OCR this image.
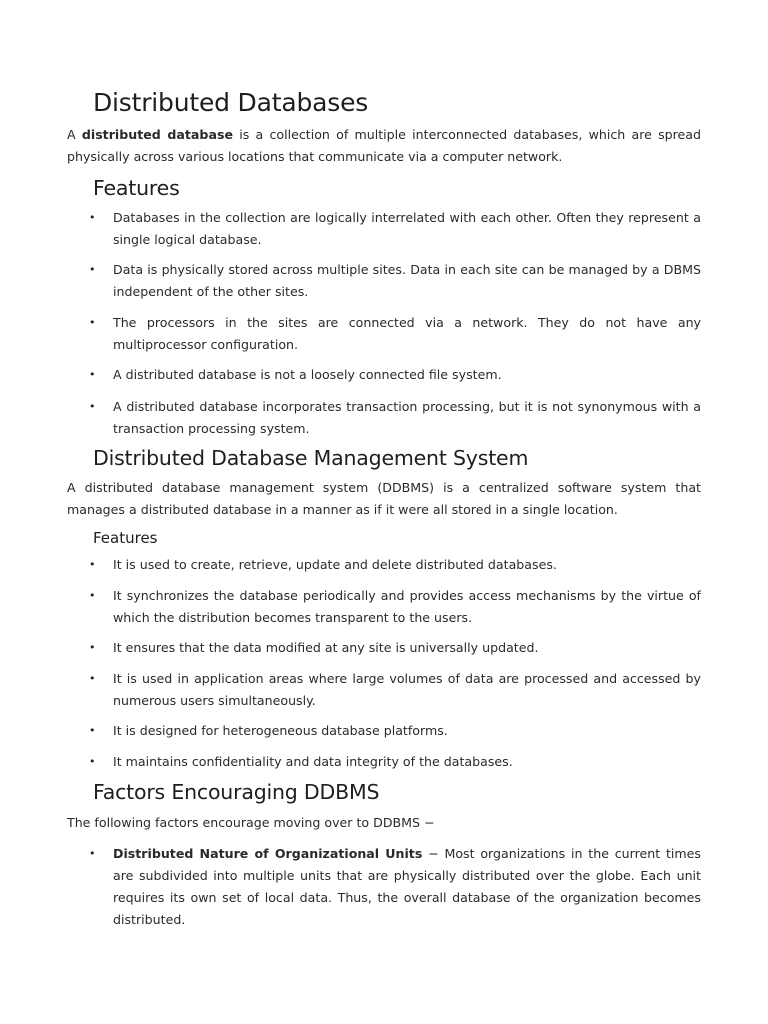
Distributed Databases

A distributed database is a collection of multiple interconnected databases, which are spread physically across various locations that communicate via a computer network.

Features
• Databases in the collection are logically interrelated with each other. Often they represent a single logical database.
• Data is physically stored across multiple sites. Data in each site can be managed by a DBMS independent of the other sites.
• The processors in the sites are connected via a network. They do not have any multiprocessor configuration.
• A distributed database is not a loosely connected file system.
• A distributed database incorporates transaction processing, but it is not synonymous with a transaction processing system.
Distributed Database Management System

A distributed database management system (DDBMS) is a centralized software system that manages a distributed database in a manner as if it were all stored in a single location.

Features
• It is used to create, retrieve, update and delete distributed databases.
• It synchronizes the database periodically and provides access mechanisms by the virtue of which the distribution becomes transparent to the users.
• It ensures that the data modified at any site is universally updated.
• It is used in application areas where large volumes of data are processed and accessed by numerous users simultaneously.
• It is designed for heterogeneous database platforms.
• It maintains confidentiality and data integrity of the databases.
Factors Encouraging DDBMS

The following factors encourage moving over to DDBMS −

• Distributed Nature of Organizational Units − Most organizations in the current times are subdivided into multiple units that are physically distributed over the globe. Each unit requires its own set of local data. Thus, the overall database of the organization becomes distributed.
